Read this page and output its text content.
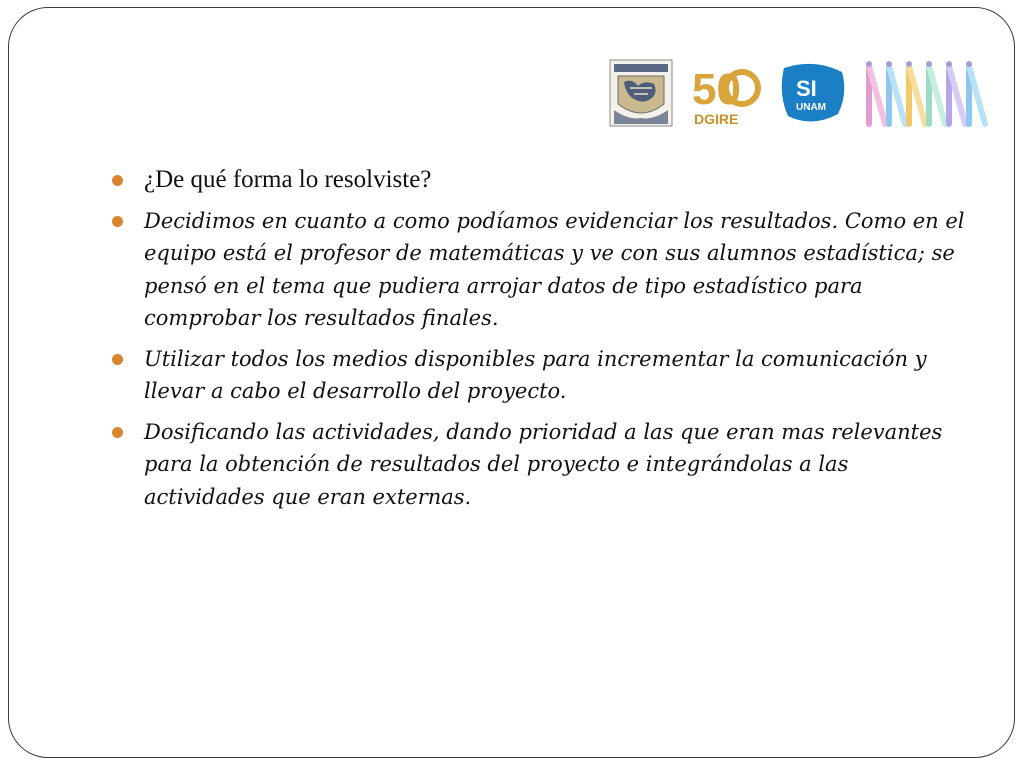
50
DGIRE
SI
UNAM
¿De qué forma lo resolviste?
Decidimos en cuanto a como podíamos evidenciar los resultados. Como en el equipo está el profesor de matemáticas y ve con sus alumnos estadística; se pensó en el tema que pudiera arrojar datos de tipo estadístico para comprobar los resultados finales.
Utilizar todos los medios disponibles para incrementar la comunicación y llevar a cabo el desarrollo del proyecto.
Dosificando las actividades, dando prioridad a las que eran mas relevantes para la obtención de resultados del proyecto e integrándolas a las actividades que eran externas.
